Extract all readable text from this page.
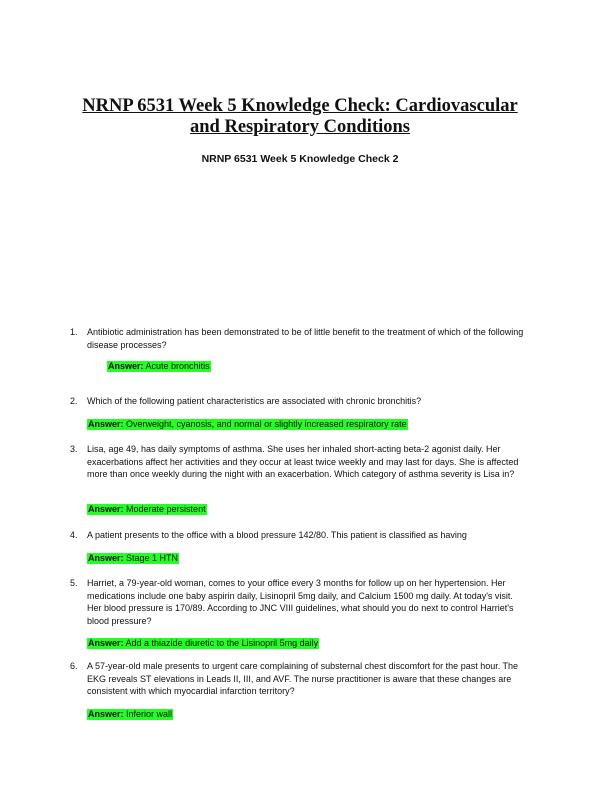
NRNP 6531 Week 5 Knowledge Check: Cardiovascular
and Respiratory Conditions
NRNP 6531 Week 5 Knowledge Check 2
1. Antibiotic administration has been demonstrated to be of little benefit to the treatment of which of the following disease processes?
Answer: Acute bronchitis
2. Which of the following patient characteristics are associated with chronic bronchitis?
Answer: Overweight, cyanosis, and normal or slightly increased respiratory rate
3. Lisa, age 49, has daily symptoms of asthma. She uses her inhaled short-acting beta-2 agonist daily. Her exacerbations affect her activities and they occur at least twice weekly and may last for days. She is affected more than once weekly during the night with an exacerbation. Which category of asthma severity is Lisa in?
Answer: Moderate persistent
4. A patient presents to the office with a blood pressure 142/80. This patient is classified as having
Answer: Stage 1 HTN
5. Harriet, a 79-year-old woman, comes to your office every 3 months for follow up on her hypertension. Her medications include one baby aspirin daily, Lisinopril 5mg daily, and Calcium 1500 mg daily. At today's visit. Her blood pressure is 170/89. According to JNC VIII guidelines, what should you do next to control Harriet's blood pressure?
Answer: Add a thiazide diuretic to the Lisinopril 5mg daily
6. A 57-year-old male presents to urgent care complaining of substernal chest discomfort for the past hour. The EKG reveals ST elevations in Leads II, III, and AVF. The nurse practitioner is aware that these changes are consistent with which myocardial infarction territory?
Answer: Inferior wall
